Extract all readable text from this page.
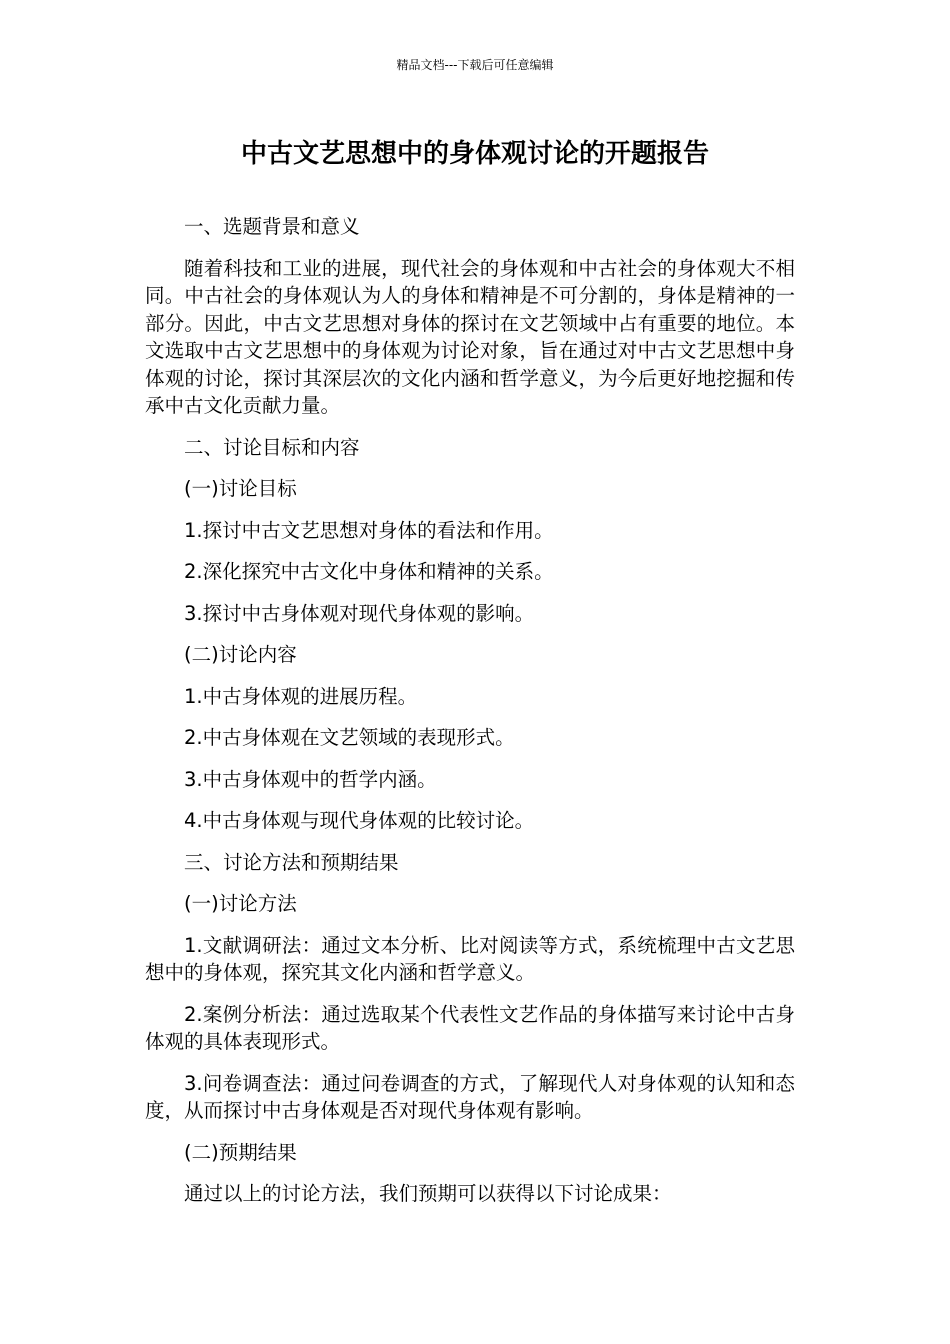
精品文档---下载后可任意编辑
中古文艺思想中的身体观讨论的开题报告

一、选题背景和意义

随着科技和工业的进展，现代社会的身体观和中古社会的身体观大不相同。中古社会的身体观认为人的身体和精神是不可分割的，身体是精神的一部分。因此，中古文艺思想对身体的探讨在文艺领域中占有重要的地位。本文选取中古文艺思想中的身体观为讨论对象，旨在通过对中古文艺思想中身体观的讨论，探讨其深层次的文化内涵和哲学意义，为今后更好地挖掘和传承中古文化贡献力量。

二、讨论目标和内容

(一)讨论目标

1.探讨中古文艺思想对身体的看法和作用。

2.深化探究中古文化中身体和精神的关系。

3.探讨中古身体观对现代身体观的影响。

(二)讨论内容

1.中古身体观的进展历程。

2.中古身体观在文艺领域的表现形式。

3.中古身体观中的哲学内涵。

4.中古身体观与现代身体观的比较讨论。

三、讨论方法和预期结果

(一)讨论方法

1.文献调研法：通过文本分析、比对阅读等方式，系统梳理中古文艺思想中的身体观，探究其文化内涵和哲学意义。

2.案例分析法：通过选取某个代表性文艺作品的身体描写来讨论中古身体观的具体表现形式。

3.问卷调查法：通过问卷调查的方式，了解现代人对身体观的认知和态度，从而探讨中古身体观是否对现代身体观有影响。

(二)预期结果

通过以上的讨论方法，我们预期可以获得以下讨论成果：
